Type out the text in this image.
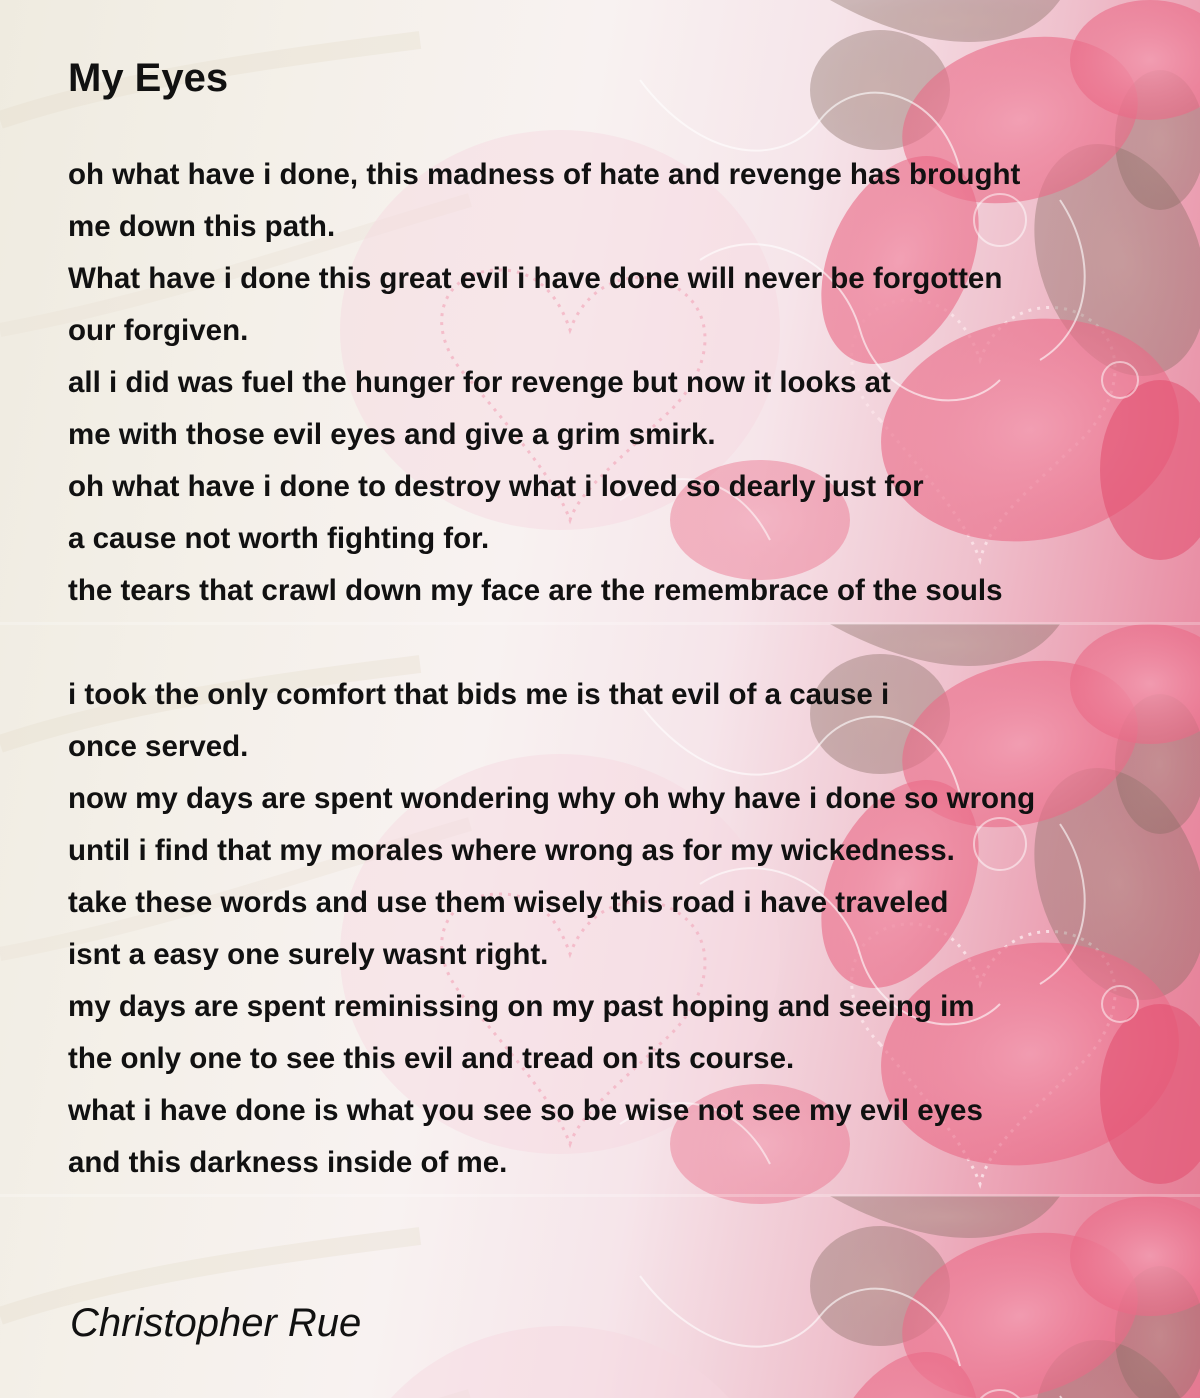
My Eyes
oh what have i done, this madness of hate and revenge has brought
me down this path.
What have i done this great evil i have done will never be forgotten
our forgiven.
all i did was fuel the hunger for revenge but now it looks at
me with those evil eyes and give a grim smirk.
oh what have i done to destroy what i loved so dearly just for
a cause not worth fighting for.
the tears that crawl down my face are the remembrace of the souls
i took the only comfort that bids me is that evil of a cause i
once served.
now my days are spent wondering why oh why have i done so wrong
until i find that my morales where wrong as for my wickedness.
take these words and use them wisely this road i have traveled
isnt a easy one surely wasnt right.
my days are spent reminissing on my past hoping and seeing im
the only one to see this evil and tread on its course.
what i have done is what you see so be wise not see my evil eyes
and this darkness inside of me.

Christopher Rue
